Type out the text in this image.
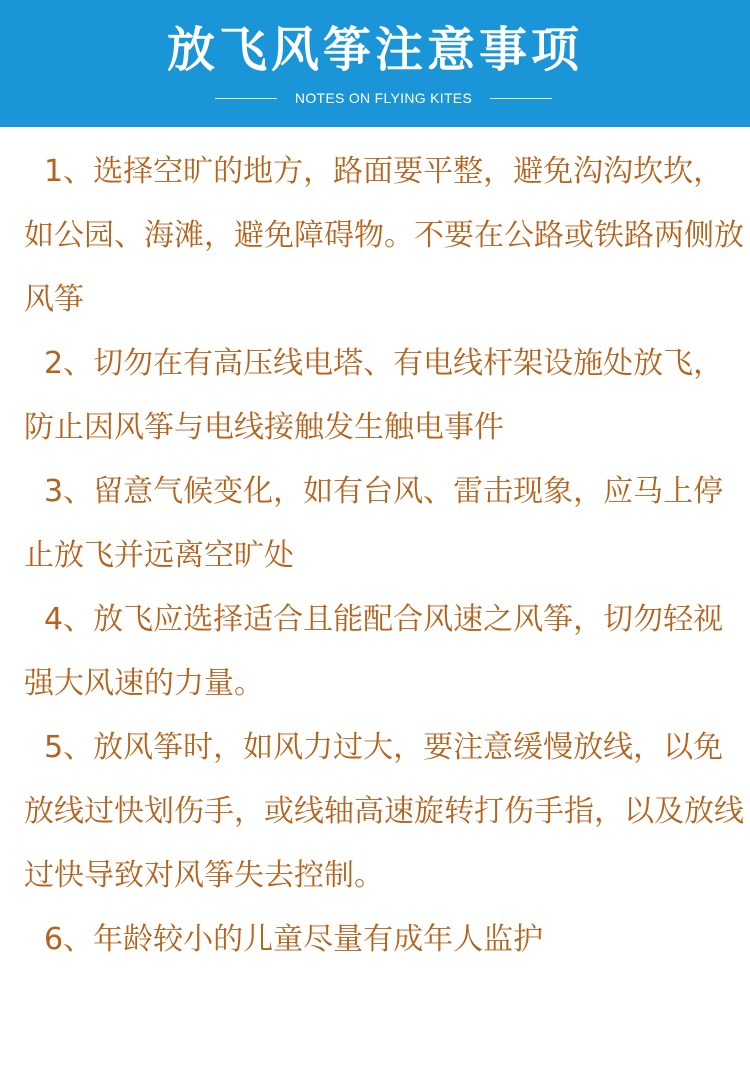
放飞风筝注意事项
NOTES ON FLYING KITES

1、选择空旷的地方，路面要平整，避免沟沟坎坎，如公园、海滩，避免障碍物。不要在公路或铁路两侧放风筝

2、切勿在有高压线电塔、有电线杆架设施处放飞，防止因风筝与电线接触发生触电事件

3、留意气候变化，如有台风、雷击现象，应马上停止放飞并远离空旷处

4、放飞应选择适合且能配合风速之风筝，切勿轻视强大风速的力量。

5、放风筝时，如风力过大，要注意缓慢放线，以免放线过快划伤手，或线轴高速旋转打伤手指，以及放线过快导致对风筝失去控制。

6、年龄较小的儿童尽量有成年人监护
